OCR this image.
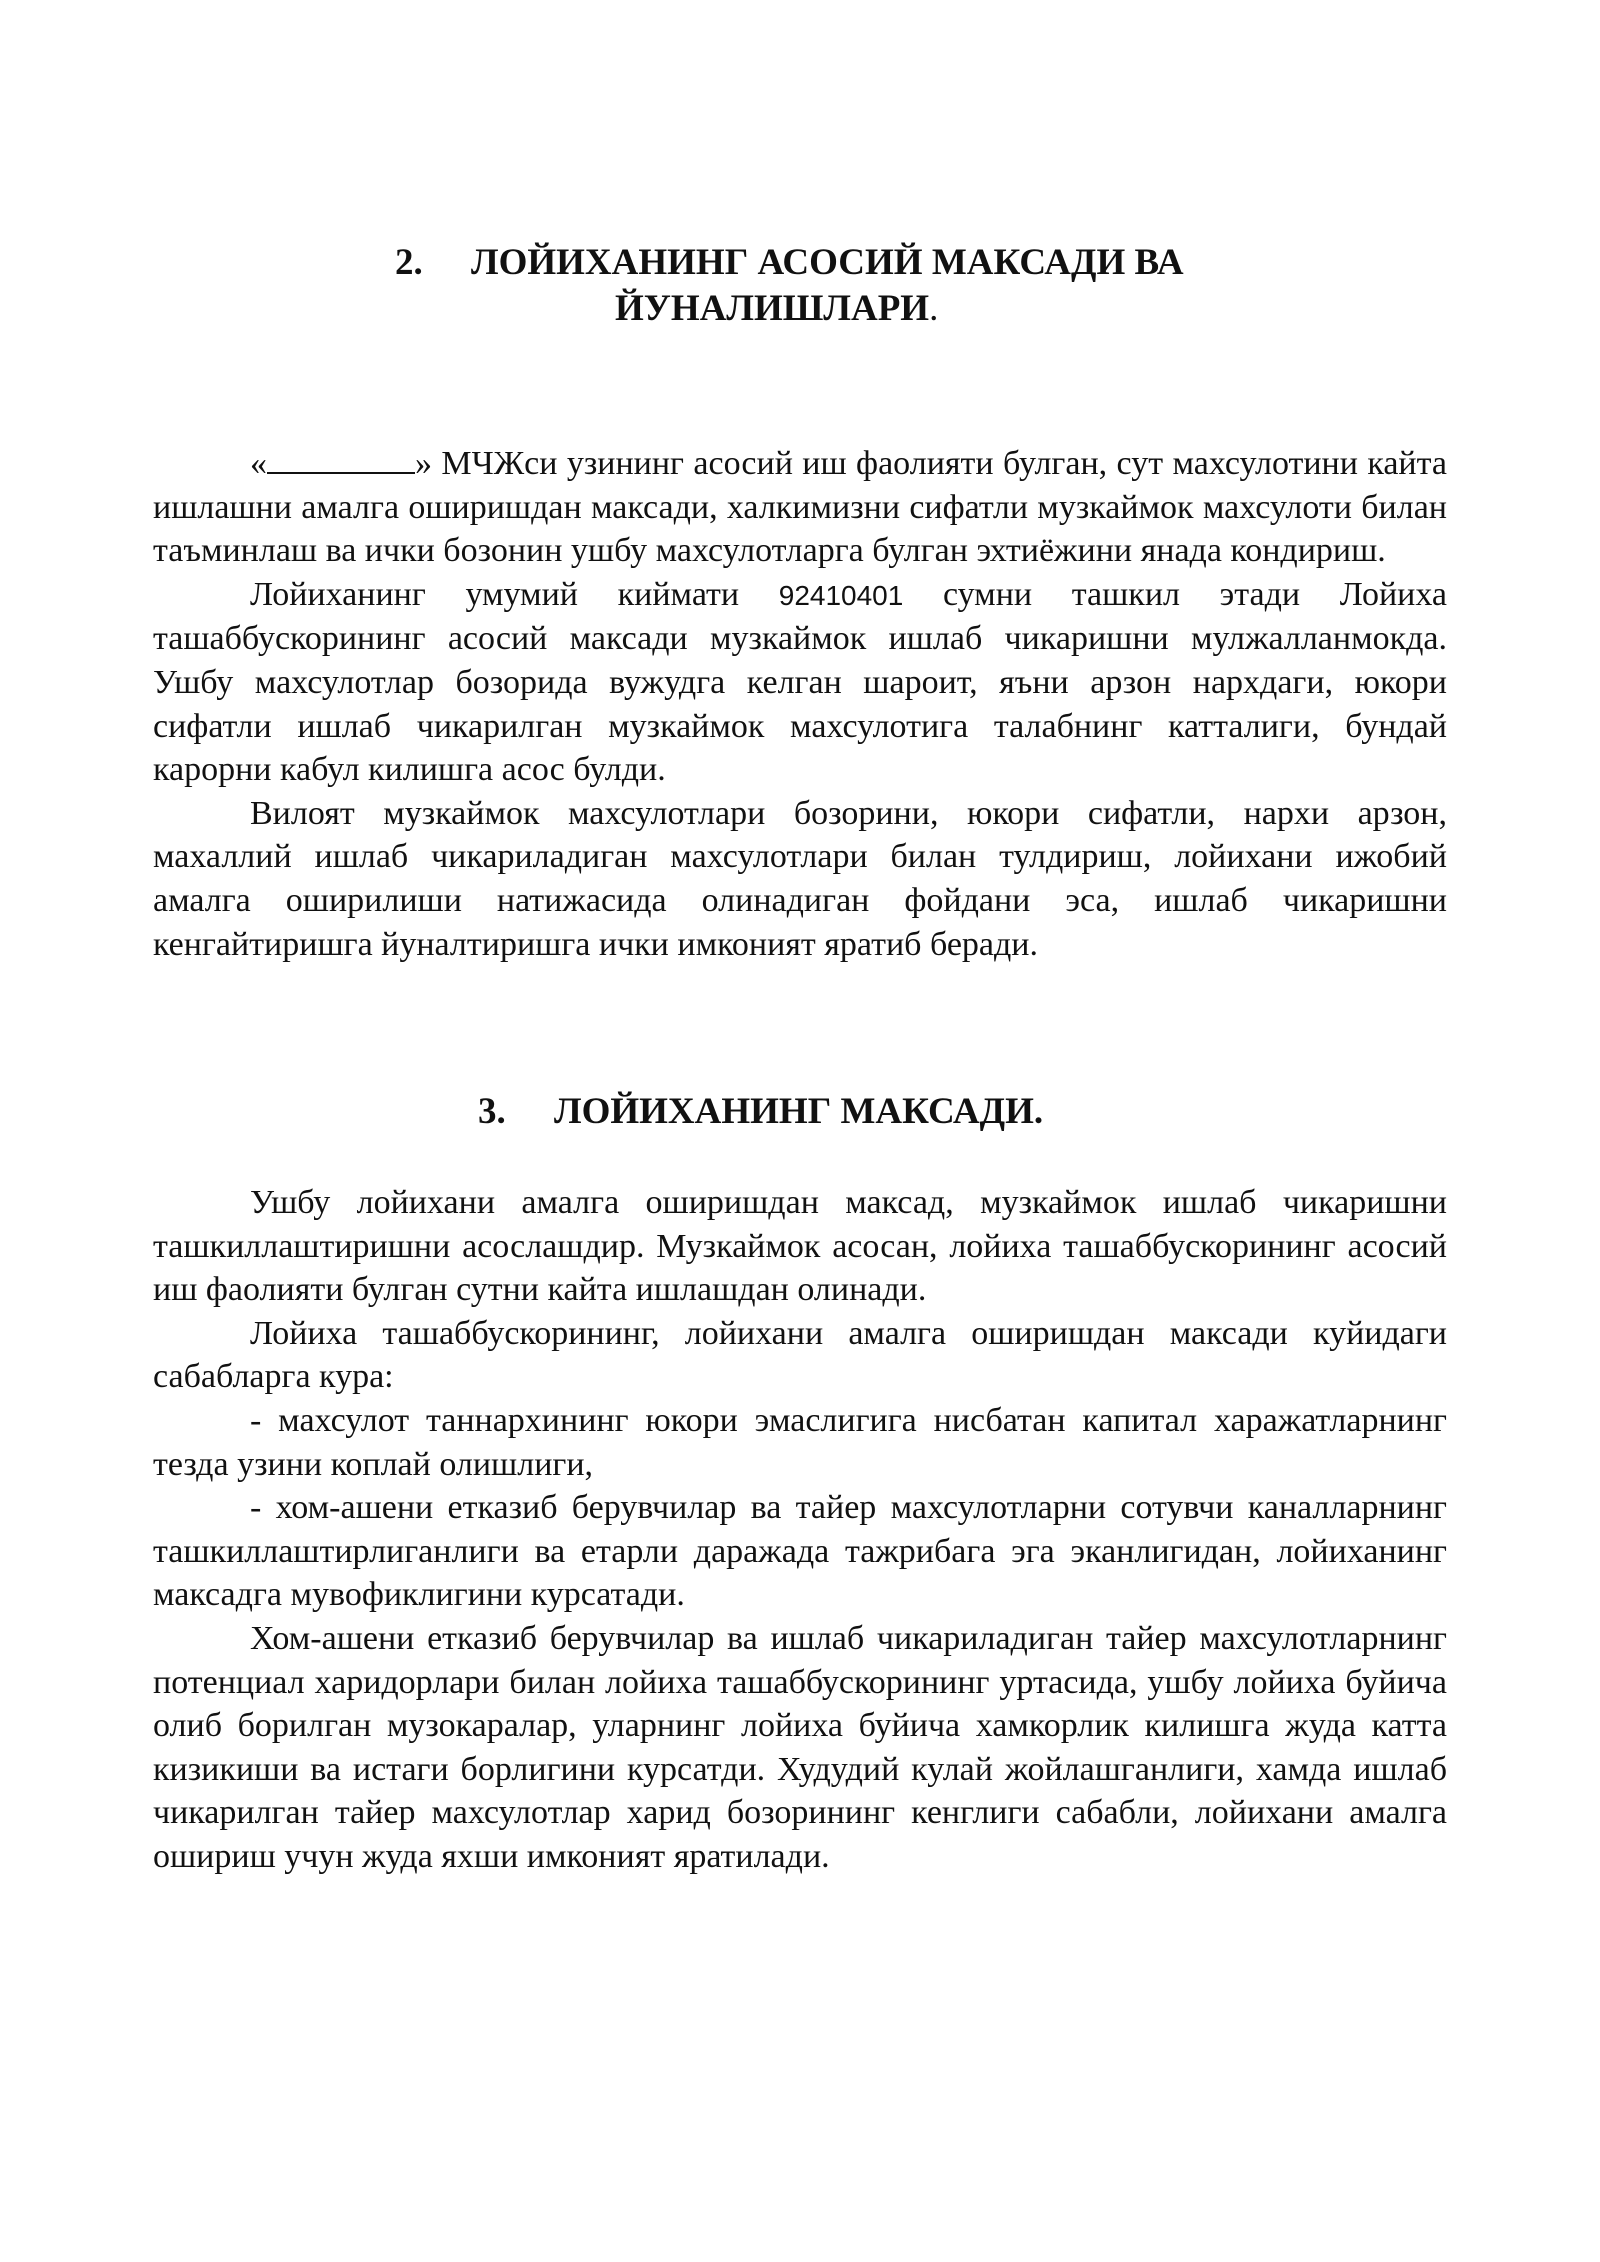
2. ЛОЙИХАНИНГ АСОСИЙ МАКСАДИ ВА
ЙУНАЛИШЛАРИ.

«	» МЧЖси узининг асосий иш фаолияти булган, сут махсулотини кайта ишлашни амалга оширишдан максади, халкимизни сифатли музкаймок махсулоти билан таъминлаш ва ички бозонин ушбу махсулотларга булган эхтиёжини янада кондириш.

Лойиханинг умумий киймати 92410401 сумни ташкил этади Лойиха ташаббускорининг асосий максади музкаймок ишлаб чикаришни мулжалланмокда. Ушбу махсулотлар бозорида вужудга келган шароит, яъни арзон нархдаги, юкори сифатли ишлаб чикарилган музкаймок махсулотига талабнинг катталиги, бундай карорни кабул килишга асос булди.

Вилоят музкаймок махсулотлари бозорини, юкори сифатли, нархи арзон, махаллий ишлаб чикариладиган махсулотлари билан тулдириш, лойихани ижобий амалга оширилиши натижасида олинадиган фойдани эса, ишлаб чикаришни кенгайтиришга йуналтиришга ички имконият яратиб беради.

3. ЛОЙИХАНИНГ МАКСАДИ.

Ушбу лойихани амалга оширишдан максад, музкаймок ишлаб чикаришни ташкиллаштиришни асослашдир. Музкаймок асосан, лойиха ташаббускорининг асосий иш фаолияти булган сутни кайта ишлашдан олинади.

Лойиха ташаббускорининг, лойихани амалга оширишдан максади куйидаги сабабларга кура:

- махсулот таннархининг юкори эмаслигига нисбатан капитал харажатларнинг тезда узини коплай олишлиги,

- хом-ашени етказиб берувчилар ва тайер махсулотларни сотувчи каналларнинг ташкиллаштирлиганлиги ва етарли даражада тажрибага эга эканлигидан, лойиханинг максадга мувофиклигини курсатади.

Хом-ашени етказиб берувчилар ва ишлаб чикариладиган тайер махсулотларнинг потенциал харидорлари билан лойиха ташаббускорининг уртасида, ушбу лойиха буйича олиб борилган музокаралар, уларнинг лойиха буйича хамкорлик килишга жуда катта кизикиши ва истаги борлигини курсатди. Худудий кулай жойлашганлиги, хамда ишлаб чикарилган тайер махсулотлар харид бозорининг кенглиги сабабли, лойихани амалга ошириш учун жуда яхши имконият яратилади.
